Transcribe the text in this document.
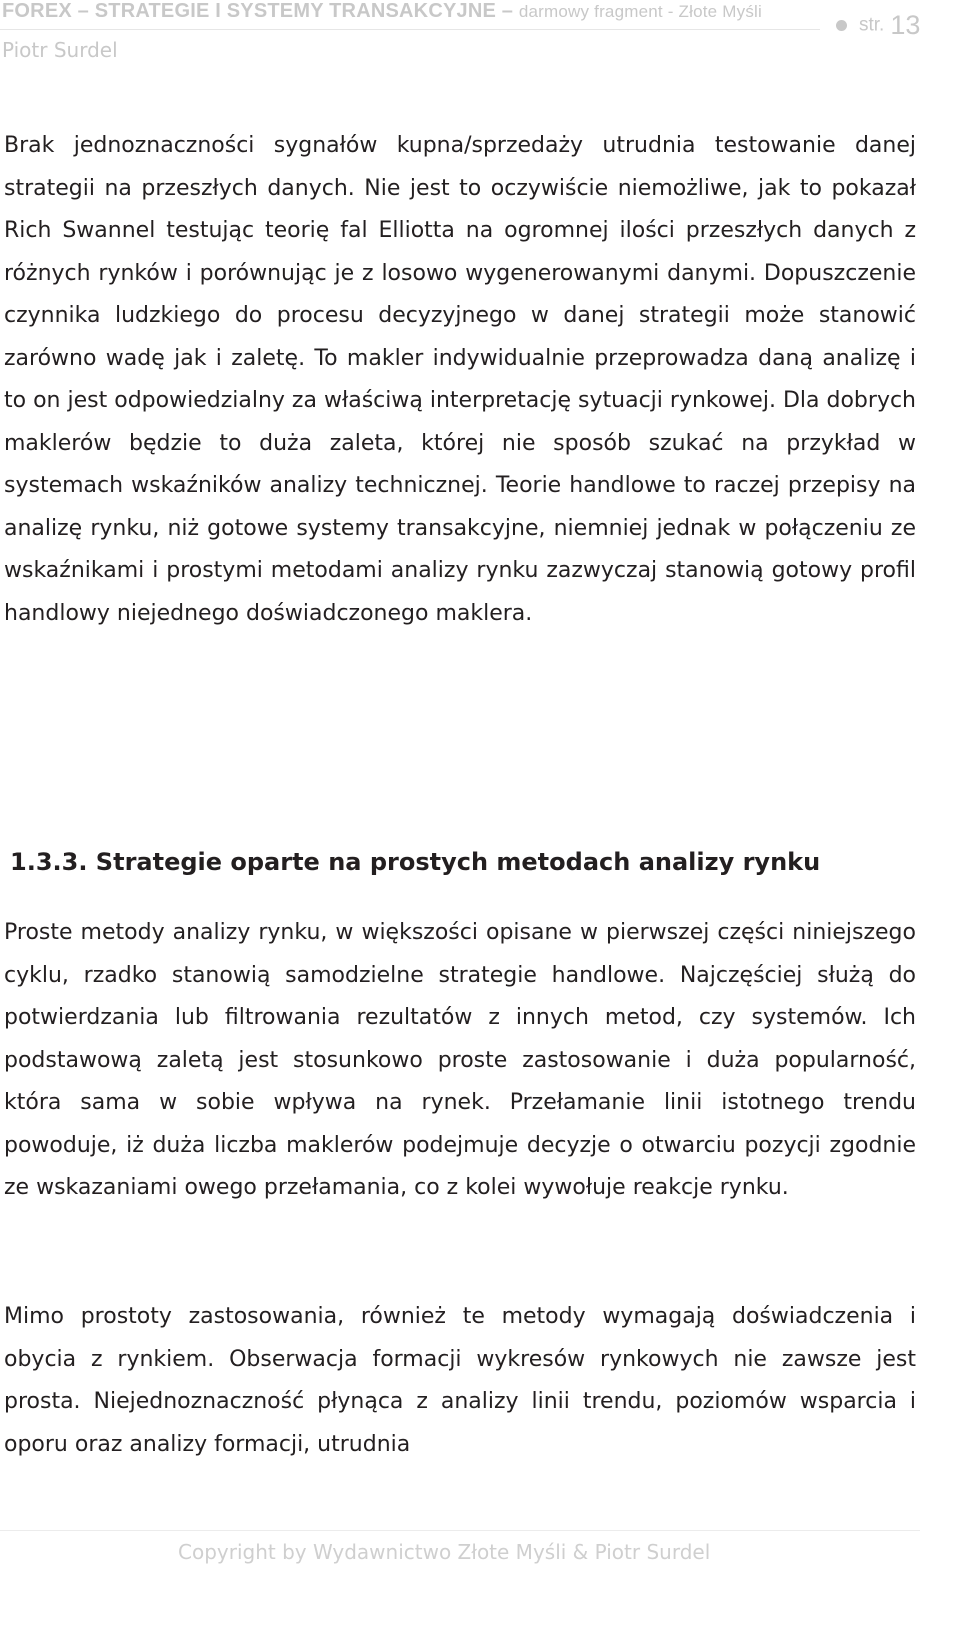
FOREX – STRATEGIE I SYSTEMY TRANSAKCYJNE – darmowy fragment - Złote Myśli
Piotr Surdel
str. 13

Brak jednoznaczności sygnałów kupna/sprzedaży utrudnia testowanie danej strategii na przeszłych danych. Nie jest to oczywiście niemożliwe, jak to pokazał Rich Swannel testując teorię fal Elliotta na ogromnej ilości przeszłych danych z różnych rynków i porównując je z losowo wygenerowanymi danymi. Dopuszczenie czynnika ludzkiego do procesu decyzyjnego w danej strategii może stanowić zarówno wadę jak i zaletę. To makler indywidualnie przeprowadza daną analizę i to on jest odpowiedzialny za właściwą interpretację sytuacji rynkowej. Dla dobrych maklerów będzie to duża zaleta, której nie sposób szukać na przykład w systemach wskaźników analizy technicznej. Teorie handlowe to raczej przepisy na analizę rynku, niż gotowe systemy transakcyjne, niemniej jednak w połączeniu ze wskaźnikami i prostymi metodami analizy rynku zazwyczaj stanowią gotowy profil handlowy niejednego doświadczonego maklera.

1.3.3. Strategie oparte na prostych metodach analizy rynku

Proste metody analizy rynku, w większości opisane w pierwszej części niniejszego cyklu, rzadko stanowią samodzielne strategie handlowe. Najczęściej służą do potwierdzania lub filtrowania rezultatów z innych metod, czy systemów. Ich podstawową zaletą jest stosunkowo proste zastosowanie i duża popularność, która sama w sobie wpływa na rynek. Przełamanie linii istotnego trendu powoduje, iż duża liczba maklerów podejmuje decyzje o otwarciu pozycji zgodnie ze wskazaniami owego przełamania, co z kolei wywołuje reakcje rynku.

Mimo prostoty zastosowania, również te metody wymagają doświadczenia i obycia z rynkiem. Obserwacja formacji wykresów rynkowych nie zawsze jest prosta. Niejednoznaczność płynąca z analizy linii trendu, poziomów wsparcia i oporu oraz analizy formacji, utrudnia

Copyright by Wydawnictwo Złote Myśli & Piotr Surdel
